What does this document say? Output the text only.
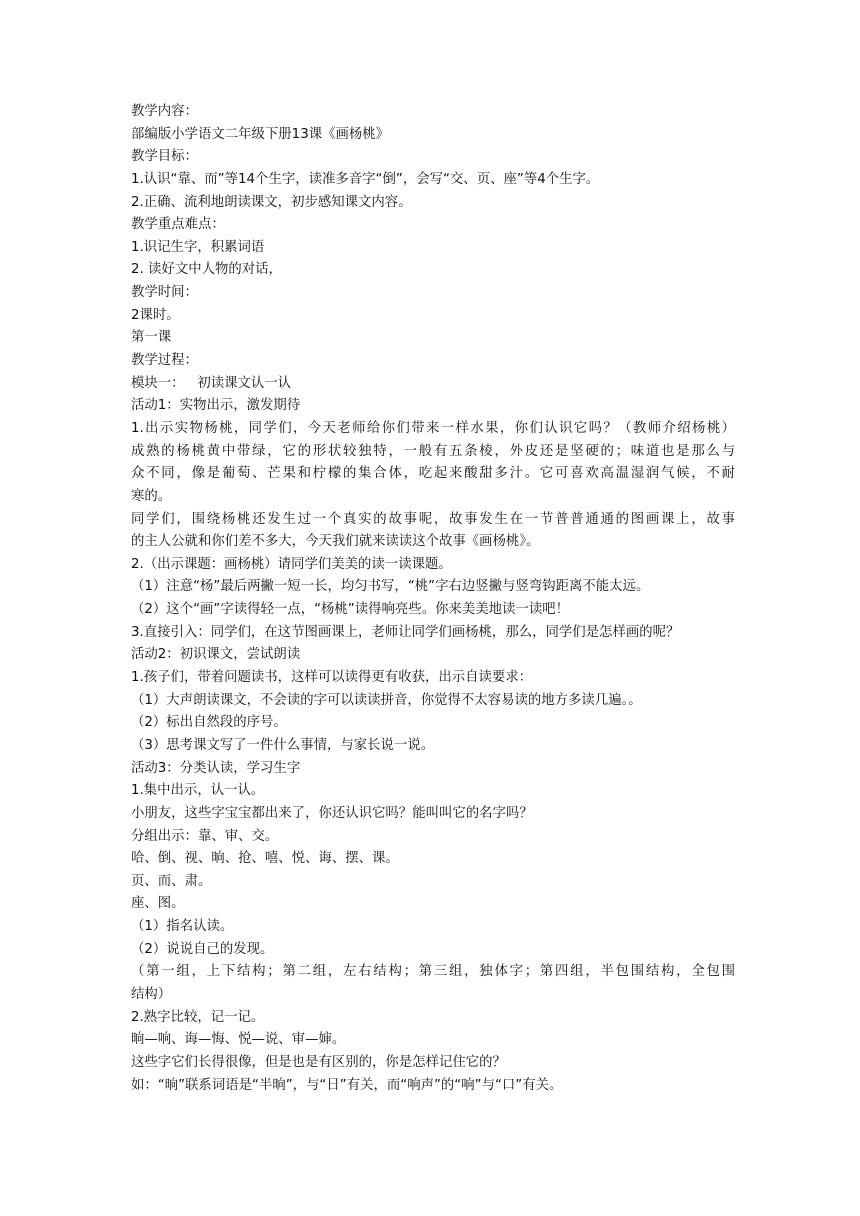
教学内容：
部编版小学语文二年级下册13课《画杨桃》
教学目标：
1.认识“靠、而”等14个生字，读准多音字“倒”，会写“交、页、座”等4个生字。
2.正确、流利地朗读课文，初步感知课文内容。
教学重点难点：
1.识记生字，积累词语
2. 读好文中人物的对话，
教学时间：
2课时。
第一课
教学过程：
模块一：   初读课文认一认
活动1：实物出示，激发期待
1.出示实物杨桃，同学们，今天老师给你们带来一样水果，你们认识它吗？（教师介绍杨桃）
成熟的杨桃黄中带绿，它的形状较独特，一般有五条棱，外皮还是坚硬的；味道也是那么与
众不同，像是葡萄、芒果和柠檬的集合体，吃起来酸甜多汁。它可喜欢高温湿润气候，不耐
寒的。
同学们，围绕杨桃还发生过一个真实的故事呢，故事发生在一节普普通通的图画课上，故事
的主人公就和你们差不多大，今天我们就来读读这个故事《画杨桃》。
2.（出示课题：画杨桃）请同学们美美的读一读课题。
（1）注意“杨”最后两撇一短一长，均匀书写，“桃”字右边竖撇与竖弯钩距离不能太远。
（2）这个“画”字读得轻一点，“杨桃”读得响亮些。你来美美地读一读吧！
3.直接引入：同学们，在这节图画课上，老师让同学们画杨桃，那么，同学们是怎样画的呢？
活动2：初识课文，尝试朗读
1.孩子们，带着问题读书，这样可以读得更有收获，出示自读要求：
（1）大声朗读课文，不会读的字可以读读拼音，你觉得不太容易读的地方多读几遍。。
（2）标出自然段的序号。
（3）思考课文写了一件什么事情，与家长说一说。
活动3：分类认读，学习生字
1.集中出示，认一认。
小朋友，这些字宝宝都出来了，你还认识它吗？能叫叫它的名字吗？
分组出示：靠、审、交。
哈、倒、视、晌、抢、嘻、悦、诲、摆、课。
页、而、肃。
座、图。
（1）指名认读。
（2）说说自己的发现。
（第一组，上下结构；第二组，左右结构；第三组，独体字；第四组，半包围结构，全包围
结构）
2.熟字比较，记一记。
晌—响、诲—悔、悦—说、审—婶。
这些字它们长得很像，但是也是有区别的，你是怎样记住它的？
如：“晌”联系词语是“半晌”，与“日”有关，而“响声”的“响”与“口”有关。
